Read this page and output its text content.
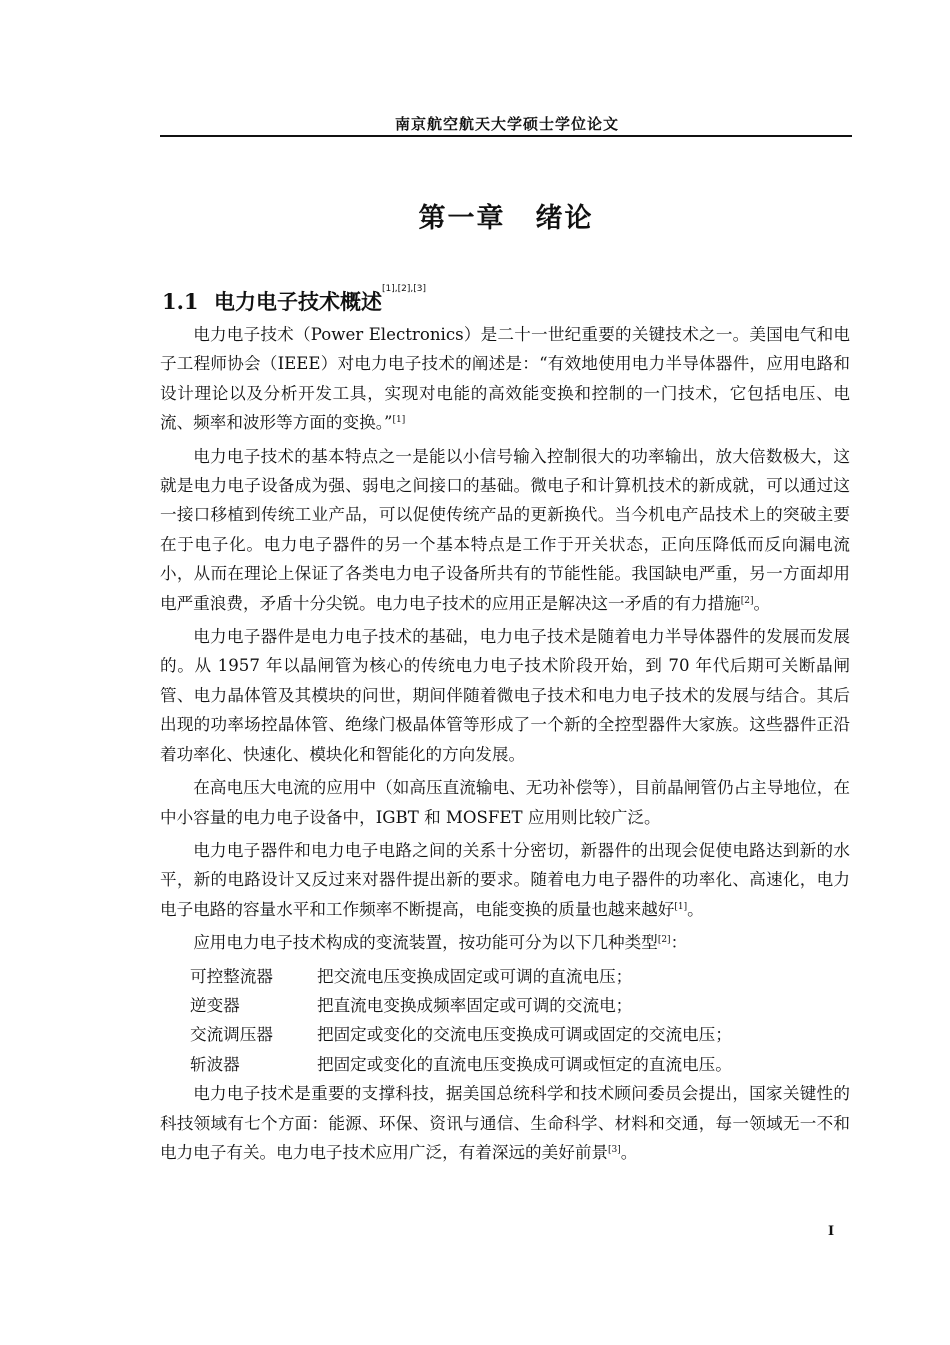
南京航空航天大学硕士学位论文
第一章 绪论
1.1 电力电子技术概述[1],[2],[3]

电力电子技术（Power Electronics）是二十一世纪重要的关键技术之一。美国电气和电子工程师协会（IEEE）对电力电子技术的阐述是：“有效地使用电力半导体器件，应用电路和设计理论以及分析开发工具，实现对电能的高效能变换和控制的一门技术，它包括电压、电流、频率和波形等方面的变换。”[1]

电力电子技术的基本特点之一是能以小信号输入控制很大的功率输出，放大倍数极大，这就是电力电子设备成为强、弱电之间接口的基础。微电子和计算机技术的新成就，可以通过这一接口移植到传统工业产品，可以促使传统产品的更新换代。当今机电产品技术上的突破主要在于电子化。电力电子器件的另一个基本特点是工作于开关状态，正向压降低而反向漏电流小，从而在理论上保证了各类电力电子设备所共有的节能性能。我国缺电严重，另一方面却用电严重浪费，矛盾十分尖锐。电力电子技术的应用正是解决这一矛盾的有力措施[2]。

电力电子器件是电力电子技术的基础，电力电子技术是随着电力半导体器件的发展而发展的。从 1957 年以晶闸管为核心的传统电力电子技术阶段开始，到 70 年代后期可关断晶闸管、电力晶体管及其模块的问世，期间伴随着微电子技术和电力电子技术的发展与结合。其后出现的功率场控晶体管、绝缘门极晶体管等形成了一个新的全控型器件大家族。这些器件正沿着功率化、快速化、模块化和智能化的方向发展。

在高电压大电流的应用中（如高压直流输电、无功补偿等），目前晶闸管仍占主导地位，在中小容量的电力电子设备中，IGBT 和 MOSFET 应用则比较广泛。

电力电子器件和电力电子电路之间的关系十分密切，新器件的出现会促使电路达到新的水平，新的电路设计又反过来对器件提出新的要求。随着电力电子器件的功率化、高速化，电力电子电路的容量水平和工作频率不断提高，电能变换的质量也越来越好[1]。

应用电力电子技术构成的变流装置，按功能可分为以下几种类型[2]：

可控整流器	把交流电压变换成固定或可调的直流电压；
逆变器	把直流电变换成频率固定或可调的交流电；
交流调压器	把固定或变化的交流电压变换成可调或固定的交流电压；
斩波器	把固定或变化的直流电压变换成可调或恒定的直流电压。

电力电子技术是重要的支撑科技，据美国总统科学和技术顾问委员会提出，国家关键性的科技领域有七个方面：能源、环保、资讯与通信、生命科学、材料和交通，每一领域无一不和电力电子有关。电力电子技术应用广泛，有着深远的美好前景[3]。

I
